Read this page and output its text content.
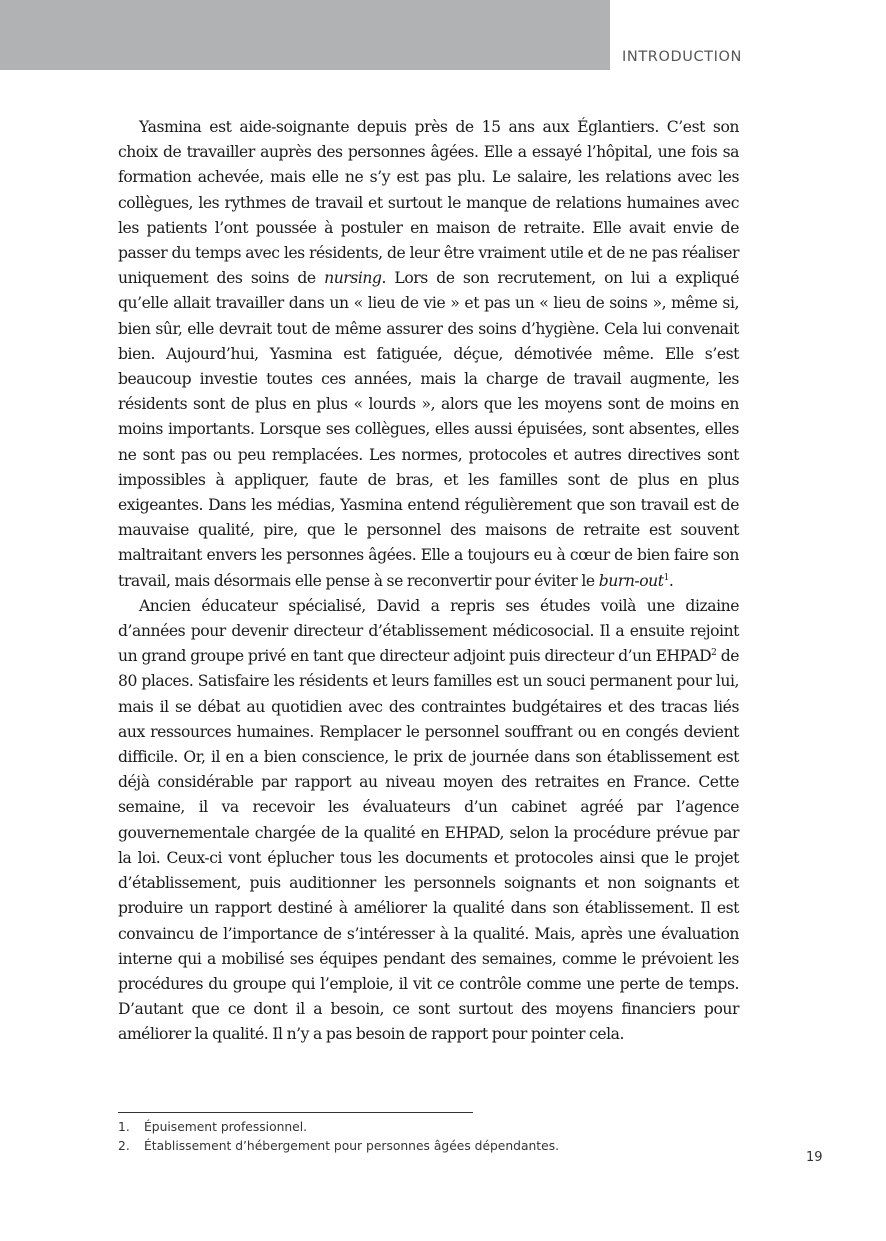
INTRODUCTION

Yasmina est aide-soignante depuis près de 15 ans aux Églantiers. C’est son choix de travailler auprès des personnes âgées. Elle a essayé l’hôpital, une fois sa formation achevée, mais elle ne s’y est pas plu. Le salaire, les relations avec les collègues, les rythmes de travail et surtout le manque de relations humaines avec les patients l’ont poussée à postuler en maison de retraite. Elle avait envie de passer du temps avec les résidents, de leur être vraiment utile et de ne pas réaliser uniquement des soins de nursing. Lors de son recrutement, on lui a expliqué qu’elle allait travailler dans un « lieu de vie » et pas un « lieu de soins », même si, bien sûr, elle devrait tout de même assurer des soins d’hygiène. Cela lui convenait bien. Aujourd’hui, Yasmina est fatiguée, déçue, démotivée même. Elle s’est beaucoup investie toutes ces années, mais la charge de travail augmente, les résidents sont de plus en plus « lourds », alors que les moyens sont de moins en moins importants. Lorsque ses collègues, elles aussi épuisées, sont absentes, elles ne sont pas ou peu remplacées. Les normes, protocoles et autres directives sont impossibles à appliquer, faute de bras, et les familles sont de plus en plus exigeantes. Dans les médias, Yasmina entend régulièrement que son travail est de mauvaise qualité, pire, que le personnel des maisons de retraite est souvent maltraitant envers les personnes âgées. Elle a toujours eu à cœur de bien faire son travail, mais désormais elle pense à se reconvertir pour éviter le burn-out$^1$.

Ancien éducateur spécialisé, David a repris ses études voilà une dizaine d’années pour devenir directeur d’établissement médicosocial. Il a ensuite rejoint un grand groupe privé en tant que directeur adjoint puis directeur d’un EHPAD$^2$ de 80 places. Satisfaire les résidents et leurs familles est un souci permanent pour lui, mais il se débat au quotidien avec des contraintes budgétaires et des tracas liés aux ressources humaines. Remplacer le personnel souffrant ou en congés devient difficile. Or, il en a bien conscience, le prix de journée dans son établissement est déjà considérable par rapport au niveau moyen des retraites en France. Cette semaine, il va recevoir les évaluateurs d’un cabinet agréé par l’agence gouvernementale chargée de la qualité en EHPAD, selon la procédure prévue par la loi. Ceux-ci vont éplucher tous les documents et protocoles ainsi que le projet d’établissement, puis auditionner les personnels soignants et non soignants et produire un rapport destiné à améliorer la qualité dans son établissement. Il est convaincu de l’importance de s’intéresser à la qualité. Mais, après une évaluation interne qui a mobilisé ses équipes pendant des semaines, comme le prévoient les procédures du groupe qui l’emploie, il vit ce contrôle comme une perte de temps. D’autant que ce dont il a besoin, ce sont surtout des moyens financiers pour améliorer la qualité. Il n’y a pas besoin de rapport pour pointer cela.

1.	Épuisement professionnel.
2.	Établissement d’hébergement pour personnes âgées dépendantes.
19
